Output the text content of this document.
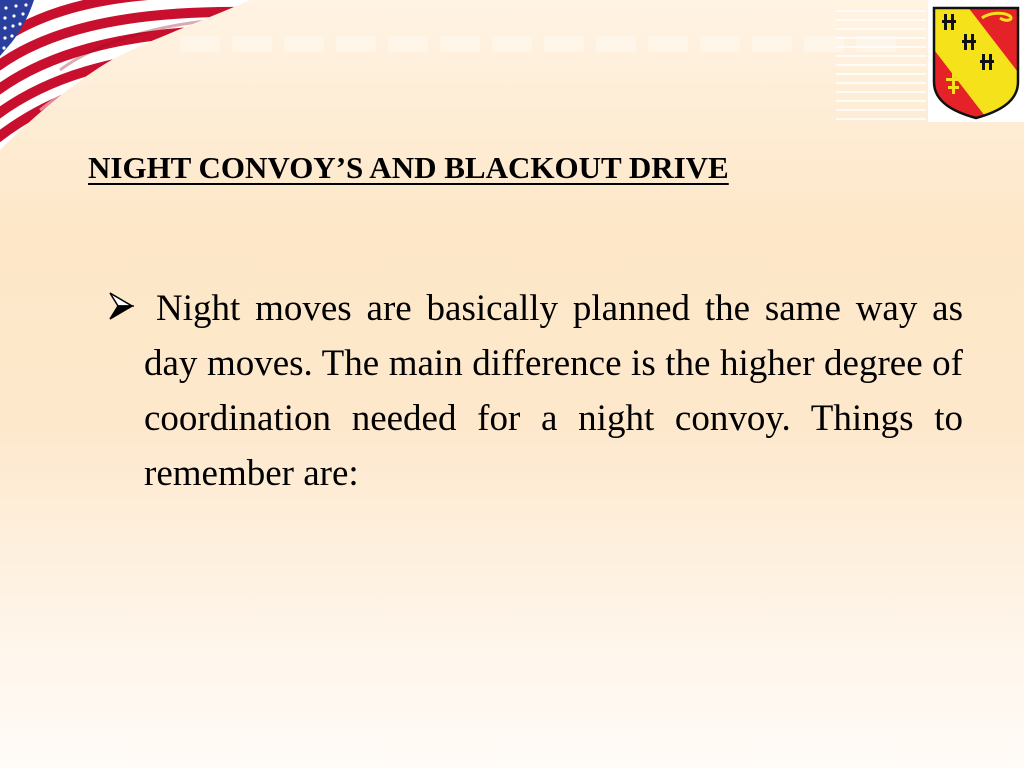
NIGHT CONVOY’S AND BLACKOUT DRIVE

Night moves are basically planned the same way as day moves. The main difference is the higher degree of coordination needed for a night convoy. Things to remember are:
